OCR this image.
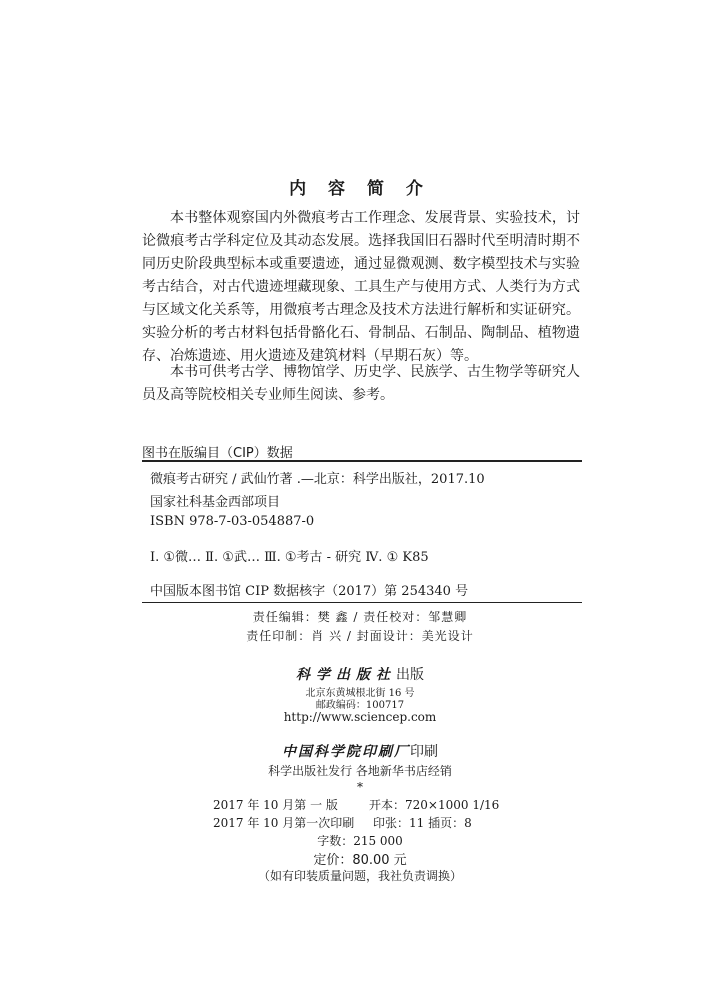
内 容 简 介

本书整体观察国内外微痕考古工作理念、发展背景、实验技术，讨论微痕考古学科定位及其动态发展。选择我国旧石器时代至明清时期不同历史阶段典型标本或重要遗迹，通过显微观测、数字模型技术与实验考古结合，对古代遗迹埋藏现象、工具生产与使用方式、人类行为方式与区域文化关系等，用微痕考古理念及技术方法进行解析和实证研究。实验分析的考古材料包括骨骼化石、骨制品、石制品、陶制品、植物遗存、冶炼遗迹、用火遗迹及建筑材料（早期石灰）等。

本书可供考古学、博物馆学、历史学、民族学、古生物学等研究人员及高等院校相关专业师生阅读、参考。

图书在版编目（CIP）数据
微痕考古研究 / 武仙竹著 .—北京：科学出版社，2017.10
国家社科基金西部项目
ISBN 978-7-03-054887-0
Ⅰ. ①微… Ⅱ. ①武… Ⅲ. ①考古 - 研究 Ⅳ. ① K85
中国版本图书馆 CIP 数据核字（2017）第 254340 号
责任编辑：樊 鑫 / 责任校对：邹慧卿
责任印制：肖 兴 / 封面设计：美光设计
科学出版社出版
北京东黄城根北街 16 号
邮政编码：100717
http://www.sciencep.com
中国科学院印刷厂印刷
科学出版社发行 各地新华书店经销
*
2017 年 10 月第 一 版	开本：720×1000 1/16
2017 年 10 月第一次印刷 印张：11 插页：8
字数：215 000
定价：80.00 元
（如有印装质量问题，我社负责调换）
